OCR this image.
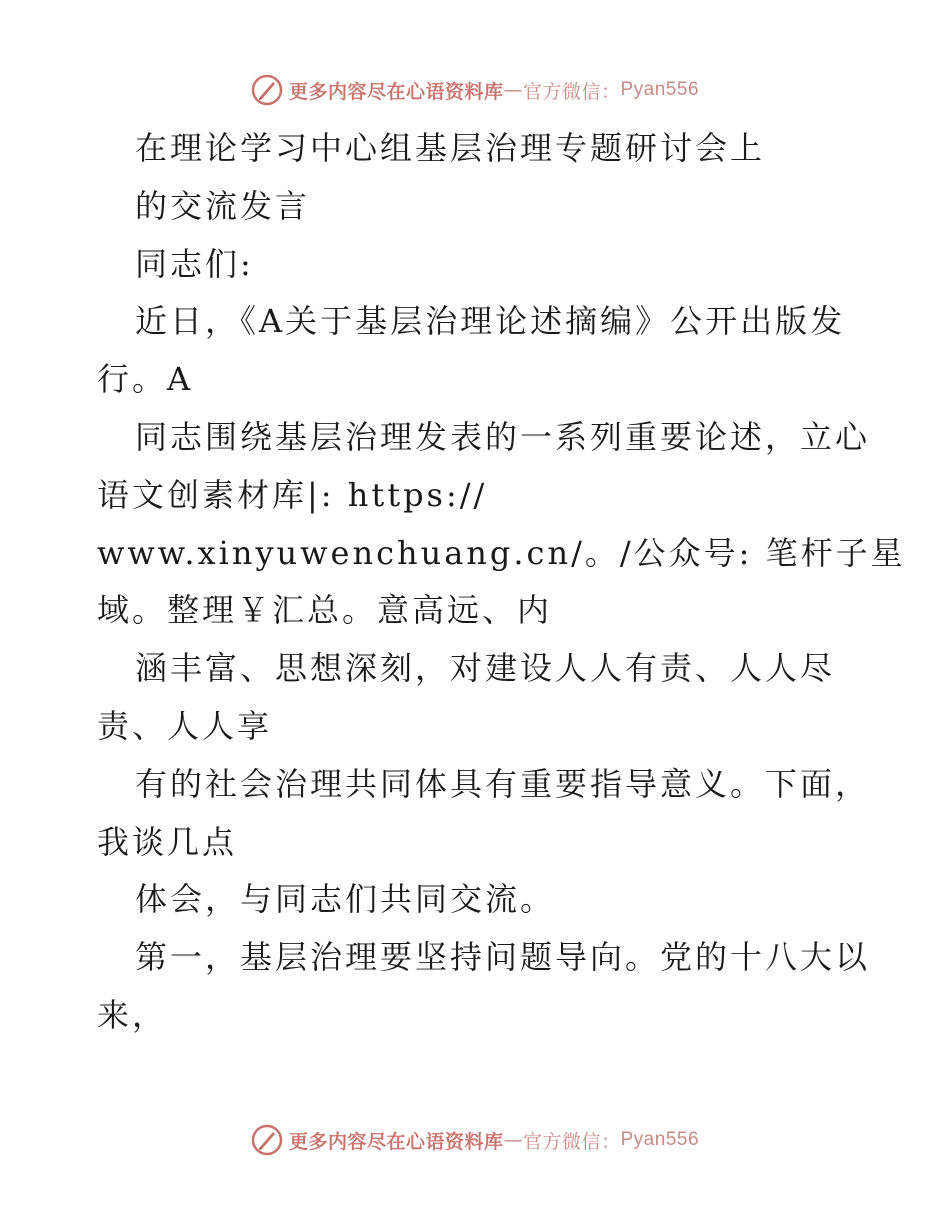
更多内容尽在心语资料库 — 官方微信： Pyan556
在理论学习中心组基层治理专题研讨会上
的交流发言
同志们:
近日，《A关于基层治理论述摘编》公开出版发
行。A
同志围绕基层治理发表的一系列重要论述，立心
语文创素材库|: https://
www.xinyuwenchuang.cn/。/公众号: 笔杆子星
域。整理￥汇总。意高远、内
涵丰富、思想深刻，对建设人人有责、人人尽
责、人人享
有的社会治理共同体具有重要指导意义。下面，
我谈几点
体会，与同志们共同交流。
第一，基层治理要坚持问题导向。党的十八大以
来，
更多内容尽在心语资料库 — 官方微信： Pyan556
